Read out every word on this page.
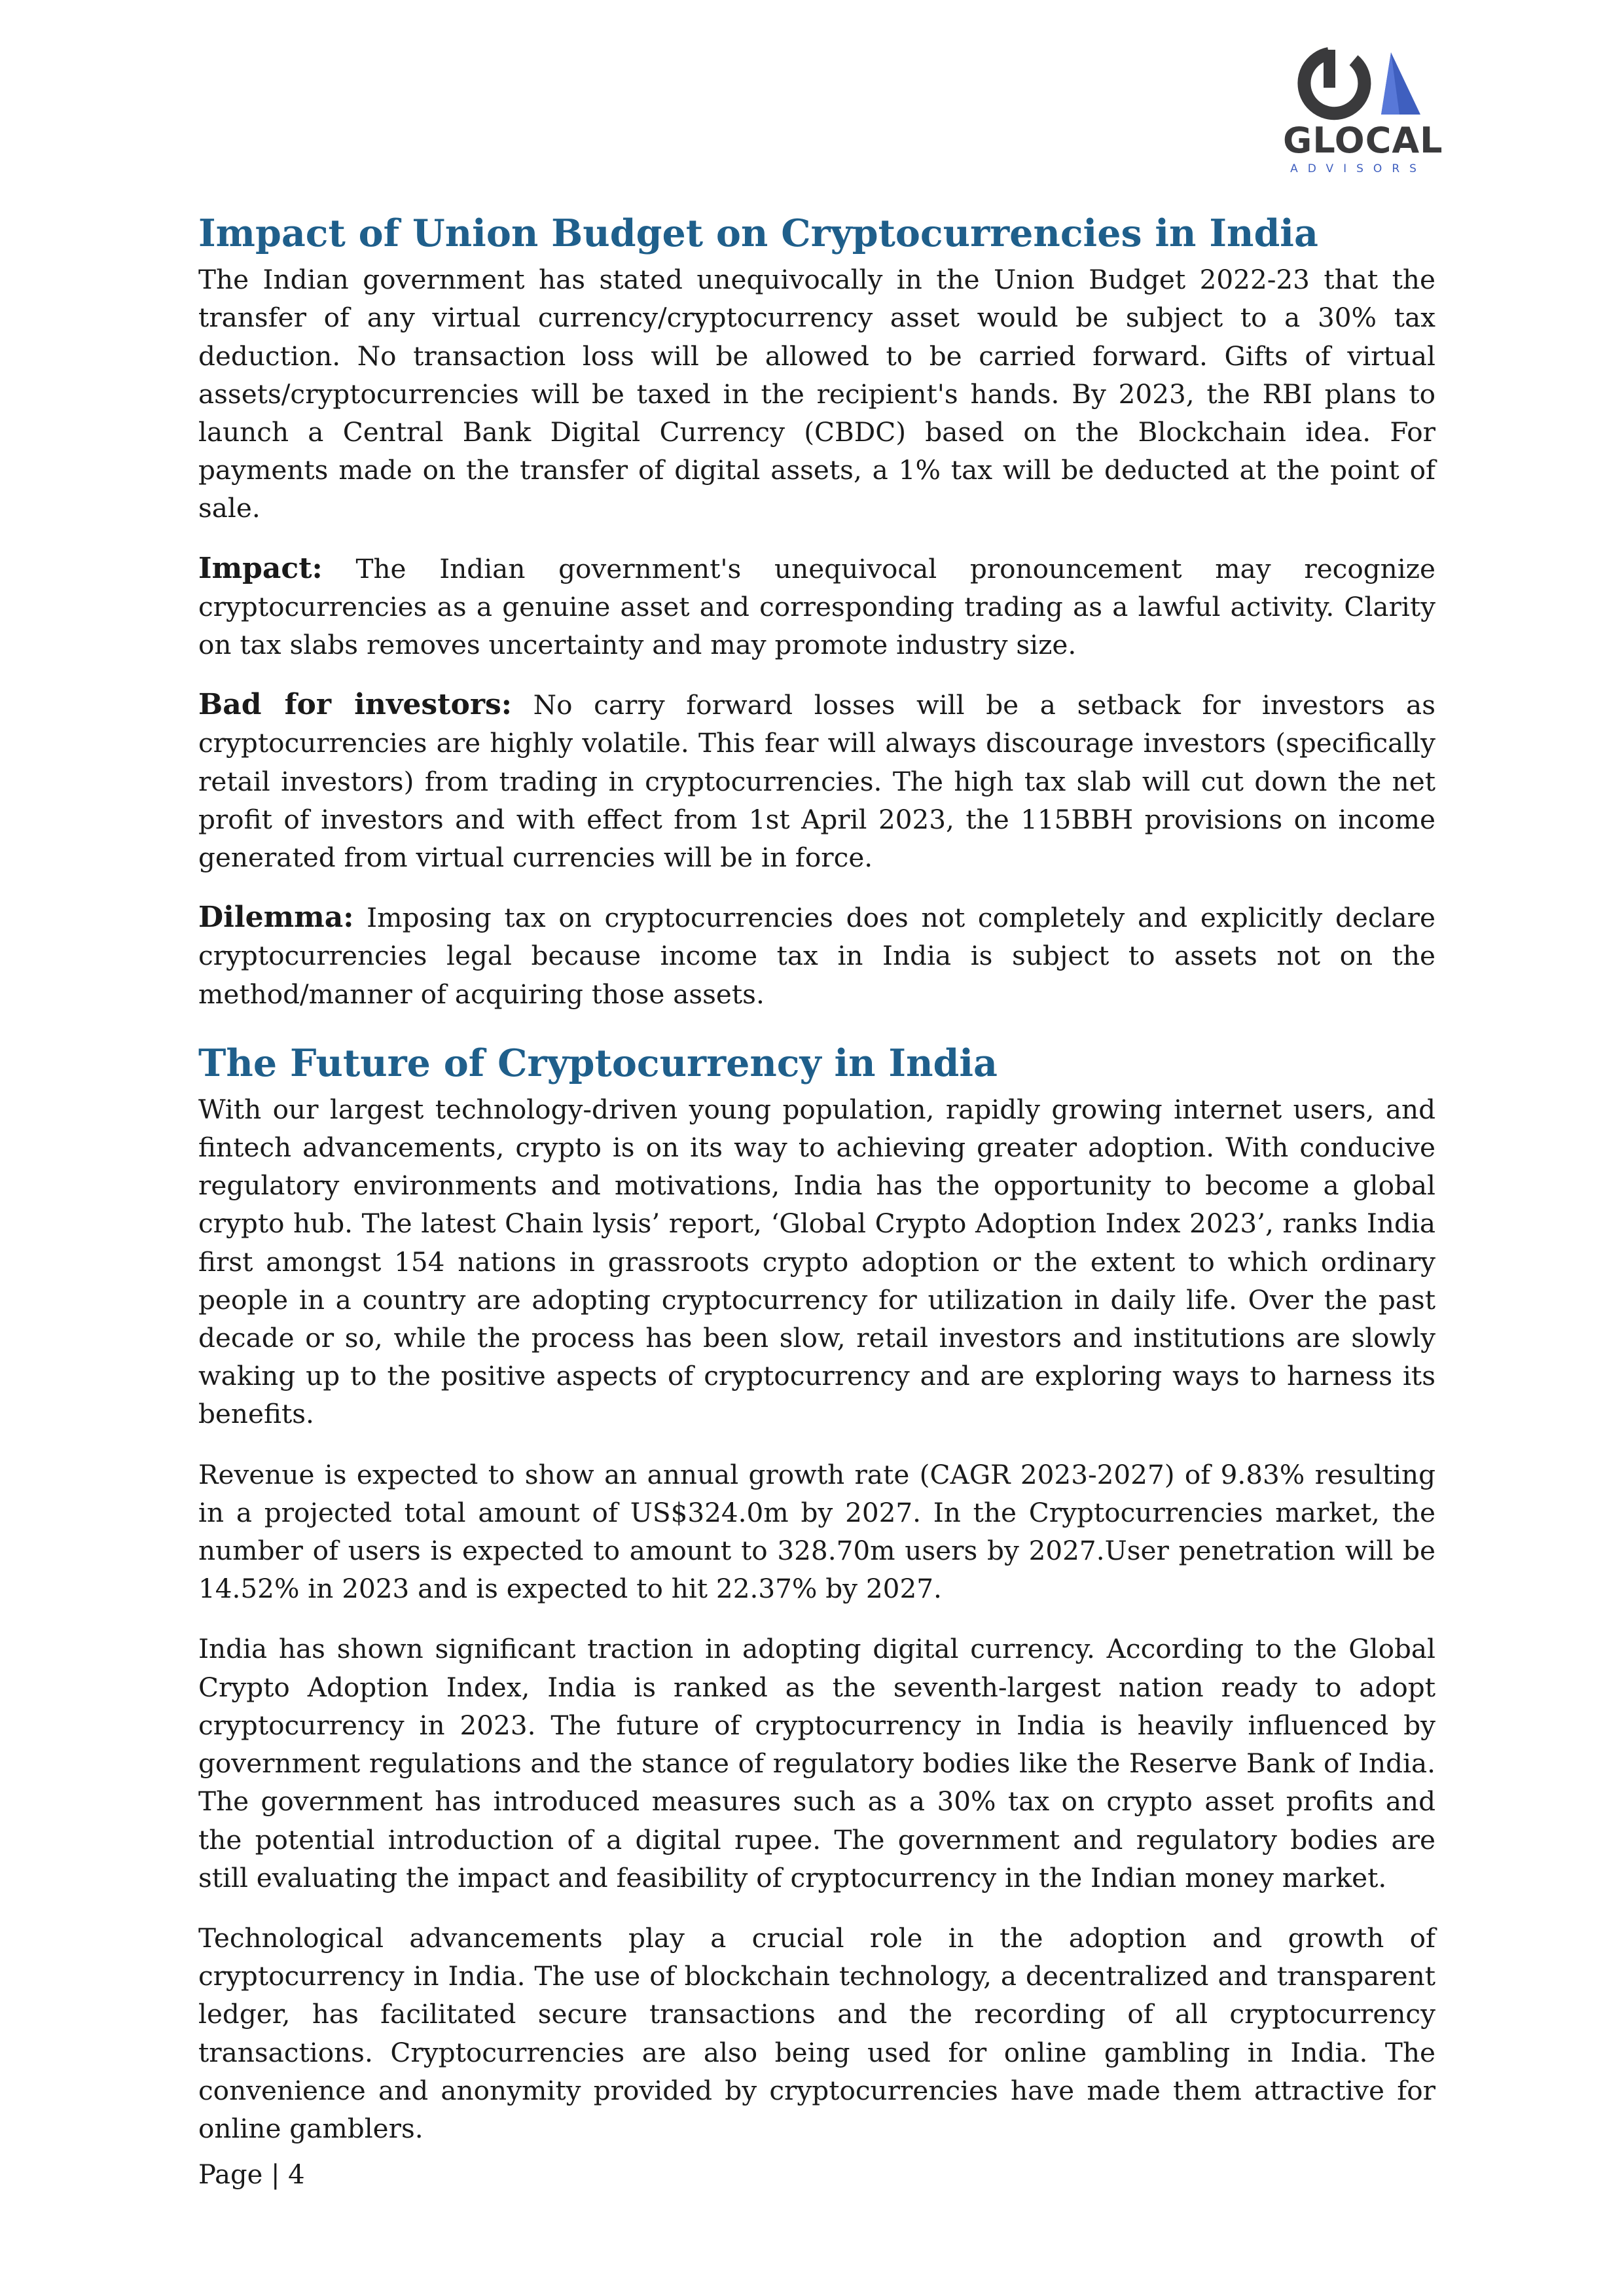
GLOCAL
ADVISORS
Impact of Union Budget on Cryptocurrencies in India

The Indian government has stated unequivocally in the Union Budget 2022-23 that the transfer of any virtual currency/cryptocurrency asset would be subject to a 30% tax deduction. No transaction loss will be allowed to be carried forward. Gifts of virtual assets/cryptocurrencies will be taxed in the recipient's hands. By 2023, the RBI plans to launch a Central Bank Digital Currency (CBDC) based on the Blockchain idea. For payments made on the transfer of digital assets, a 1% tax will be deducted at the point of sale.

Impact: The Indian government's unequivocal pronouncement may recognize cryptocurrencies as a genuine asset and corresponding trading as a lawful activity. Clarity on tax slabs removes uncertainty and may promote industry size.

Bad for investors: No carry forward losses will be a setback for investors as cryptocurrencies are highly volatile. This fear will always discourage investors (specifically retail investors) from trading in cryptocurrencies. The high tax slab will cut down the net profit of investors and with effect from 1st April 2023, the 115BBH provisions on income generated from virtual currencies will be in force.

Dilemma: Imposing tax on cryptocurrencies does not completely and explicitly declare cryptocurrencies legal because income tax in India is subject to assets not on the method/manner of acquiring those assets.

The Future of Cryptocurrency in India

With our largest technology-driven young population, rapidly growing internet users, and fintech advancements, crypto is on its way to achieving greater adoption. With conducive regulatory environments and motivations, India has the opportunity to become a global crypto hub. The latest Chain lysis’ report, ‘Global Crypto Adoption Index 2023’, ranks India first amongst 154 nations in grassroots crypto adoption or the extent to which ordinary people in a country are adopting cryptocurrency for utilization in daily life. Over the past decade or so, while the process has been slow, retail investors and institutions are slowly waking up to the positive aspects of cryptocurrency and are exploring ways to harness its benefits.

Revenue is expected to show an annual growth rate (CAGR 2023-2027) of 9.83% resulting in a projected total amount of US$324.0m by 2027. In the Cryptocurrencies market, the number of users is expected to amount to 328.70m users by 2027.User penetration will be 14.52% in 2023 and is expected to hit 22.37% by 2027.

India has shown significant traction in adopting digital currency. According to the Global Crypto Adoption Index, India is ranked as the seventh-largest nation ready to adopt cryptocurrency in 2023. The future of cryptocurrency in India is heavily influenced by government regulations and the stance of regulatory bodies like the Reserve Bank of India. The government has introduced measures such as a 30% tax on crypto asset profits and the potential introduction of a digital rupee. The government and regulatory bodies are still evaluating the impact and feasibility of cryptocurrency in the Indian money market.

Technological advancements play a crucial role in the adoption and growth of cryptocurrency in India. The use of blockchain technology, a decentralized and transparent ledger, has facilitated secure transactions and the recording of all cryptocurrency transactions. Cryptocurrencies are also being used for online gambling in India. The convenience and anonymity provided by cryptocurrencies have made them attractive for online gamblers.

Page | 4
